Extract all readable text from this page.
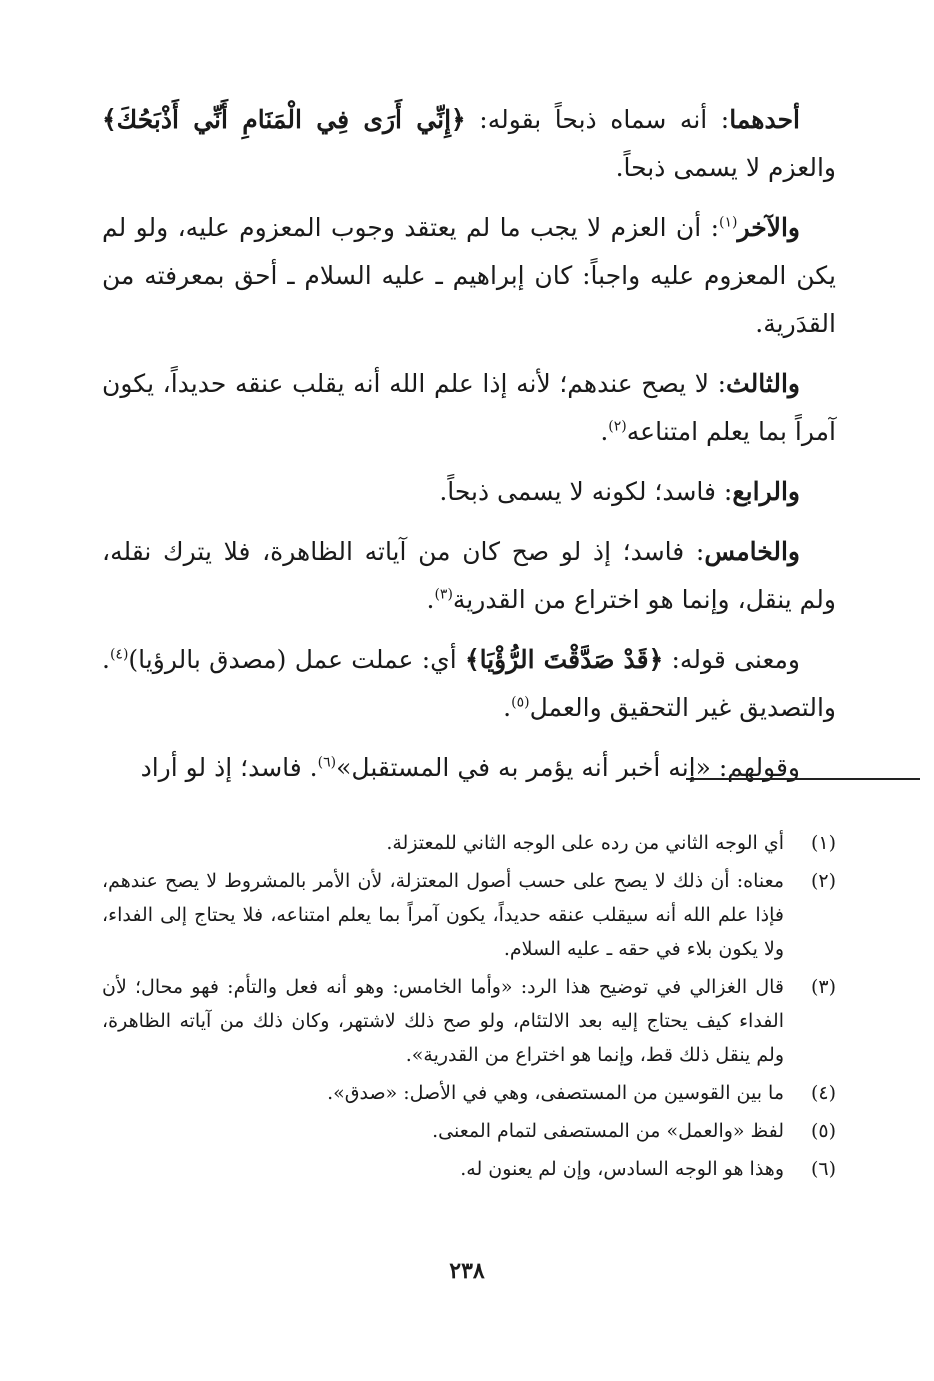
أحدهما: أنه سماه ذبحاً بقوله: ﴿إِنِّي أَرَى فِي الْمَنَامِ أَنِّي أَذْبَحُكَ﴾ والعزم لا يسمى ذبحاً.

والآخر$^{(١)}$: أن العزم لا يجب ما لم يعتقد وجوب المعزوم عليه، ولو لم يكن المعزوم عليه واجباً: كان إبراهيم ـ عليه السلام ـ أحق بمعرفته من القدَرية.

والثالث: لا يصح عندهم؛ لأنه إذا علم الله أنه يقلب عنقه حديداً، يكون آمراً بما يعلم امتناعه$^{(٢)}$.

والرابع: فاسد؛ لكونه لا يسمى ذبحاً.

والخامس: فاسد؛ إذ لو صح كان من آياته الظاهرة، فلا يترك نقله، ولم ينقل، وإنما هو اختراع من القدرية$^{(٣)}$.

ومعنى قوله: ﴿قَدْ صَدَّقْتَ الرُّؤْيَا﴾ أي: عملت عمل (مصدق بالرؤيا)$^{(٤)}$. والتصديق غير التحقيق والعمل$^{(٥)}$.

وقولهم: «إنه أخبر أنه يؤمر به في المستقبل»$^{(٦)}$. فاسد؛ إذ لو أراد

(١)
أي الوجه الثاني من رده على الوجه الثاني للمعتزلة.
(٢)
معناه: أن ذلك لا يصح على حسب أصول المعتزلة، لأن الأمر بالمشروط لا يصح عندهم، فإذا علم الله أنه سيقلب عنقه حديداً، يكون آمراً بما يعلم امتناعه، فلا يحتاج إلى الفداء، ولا يكون بلاء في حقه ـ عليه السلام.
(٣)
قال الغزالي في توضيح هذا الرد: «وأما الخامس: وهو أنه فعل والتأم: فهو محال؛ لأن الفداء كيف يحتاج إليه بعد الالتئام، ولو صح ذلك لاشتهر، وكان ذلك من آياته الظاهرة، ولم ينقل ذلك قط، وإنما هو اختراع من القدرية».
(٤)
ما بين القوسين من المستصفى، وهي في الأصل: «صدق».
(٥)
لفظ «والعمل» من المستصفى لتمام المعنى.
(٦)
وهذا هو الوجه السادس، وإن لم يعنون له.
٢٣٨
